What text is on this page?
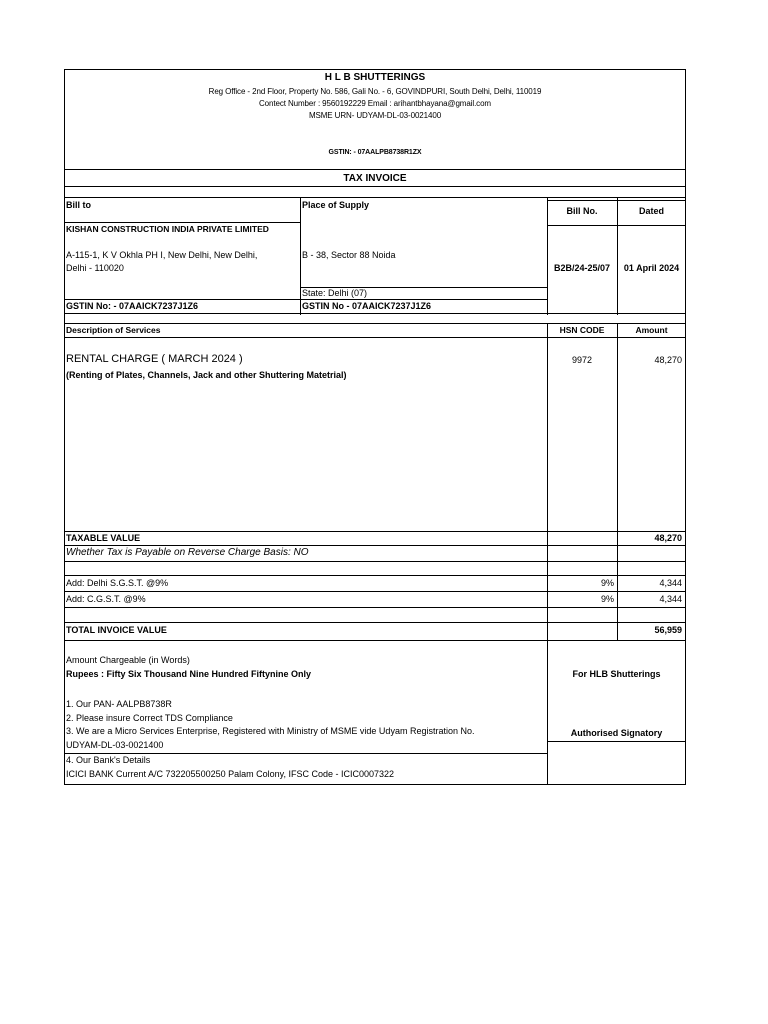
H L B SHUTTERINGS
Reg Office - 2nd Floor, Property No. 586, Gali No. - 6, GOVINDPURI, South Delhi, Delhi, 110019
Contect Number : 9560192229 Email : arihantbhayana@gmail.com
MSME URN- UDYAM-DL-03-0021400
GSTIN: - 07AALPB8738R1ZX
TAX INVOICE
Bill to	Place of Supply
Bill No.	Dated
KISHAN CONSTRUCTION INDIA PRIVATE LIMITED
A-115-1, K V Okhla PH I, New Delhi, New Delhi,
Delhi - 110020
B - 38, Sector 88 Noida
B2B/24-25/07	01 April 2024
State: Delhi (07)
GSTIN No: - 07AAICK7237J1Z6	GSTIN No - 07AAICK7237J1Z6
Description of Services	HSN CODE	Amount
RENTAL CHARGE ( MARCH 2024 )
(Renting of Plates, Channels, Jack and other Shuttering Matetrial)
9972	48,270
TAXABLE VALUE	48,270
Whether Tax is Payable on Reverse Charge Basis: NO
Add: Delhi S.G.S.T. @9%	9%	4,344
Add: C.G.S.T. @9%	9%	4,344
TOTAL INVOICE VALUE	56,959
Amount Chargeable (in Words)
Rupees : Fifty Six Thousand Nine Hundred Fiftynine Only	For HLB Shutterings
1. Our PAN- AALPB8738R
2. Please insure Correct TDS Compliance
3. We are a Micro Services Enterprise, Registered with Ministry of MSME vide Udyam Registration No.	Authorised Signatory
UDYAM-DL-03-0021400
4. Our Bank's Details
ICICI BANK Current A/C 732205500250 Palam Colony, IFSC Code - ICIC0007322
